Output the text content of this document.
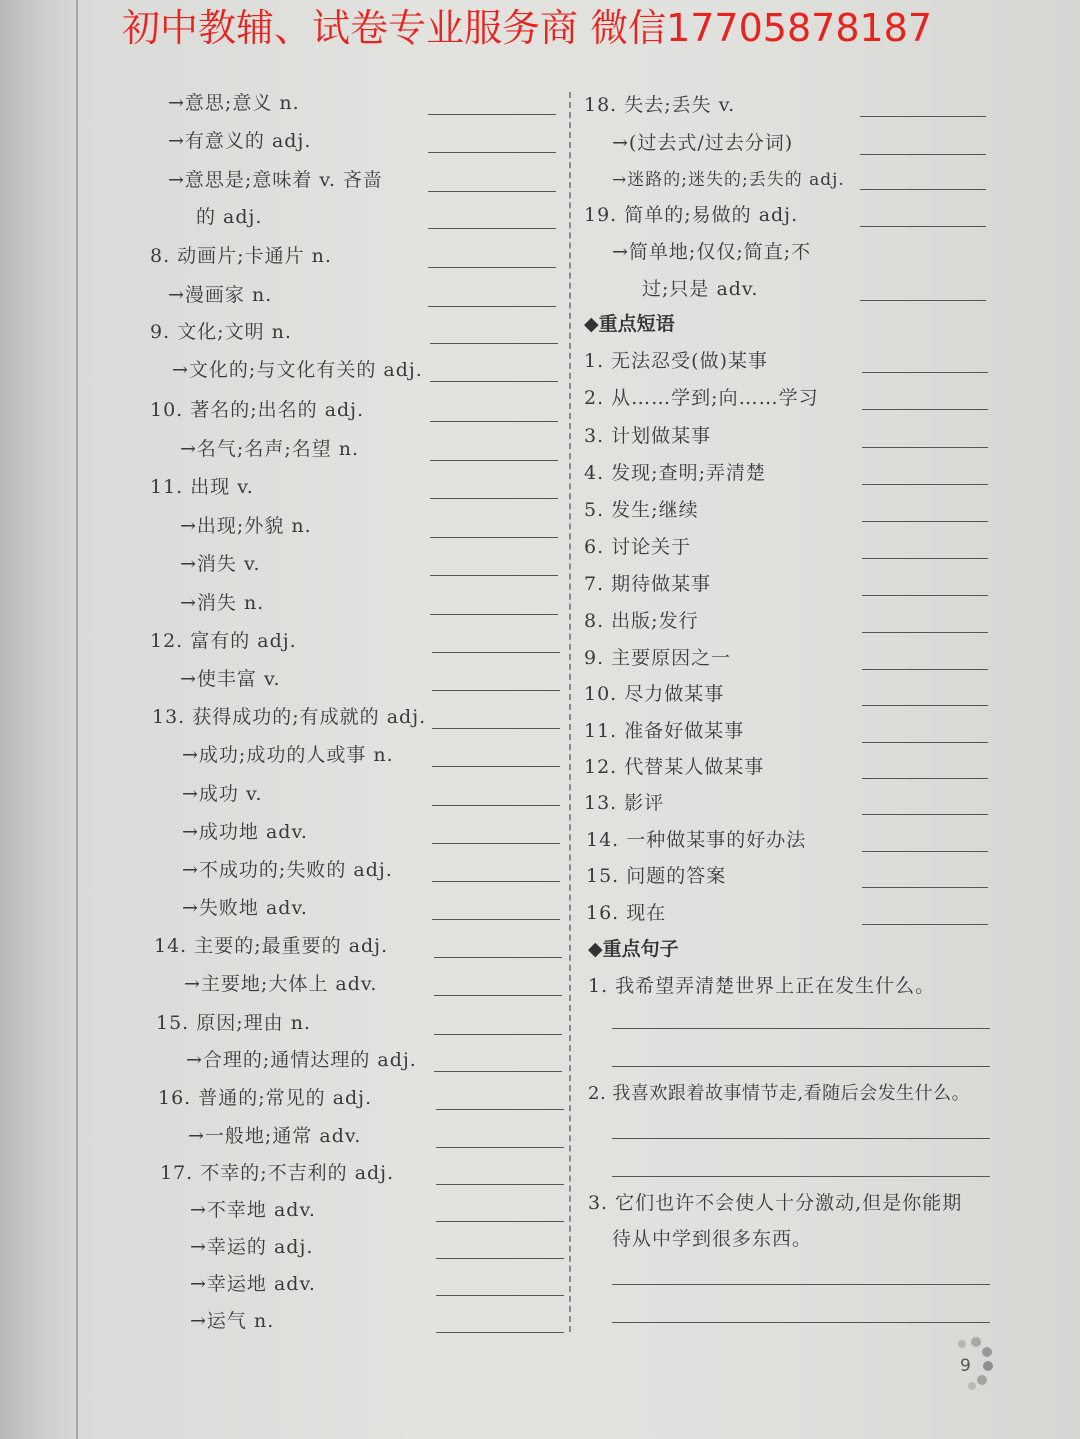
初中教辅、试卷专业服务商 微信17705878187
→意思;意义 n.
→有意义的 adj.
→意思是;意味着 v. 吝啬
的 adj.
8. 动画片;卡通片 n.
→漫画家 n.
9. 文化;文明 n.
→文化的;与文化有关的 adj.
10. 著名的;出名的 adj.
→名气;名声;名望 n.
11. 出现 v.
→出现;外貌 n.
→消失 v.
→消失 n.
12. 富有的 adj.
→使丰富 v.
13. 获得成功的;有成就的 adj.
→成功;成功的人或事 n.
→成功 v.
→成功地 adv.
→不成功的;失败的 adj.
→失败地 adv.
14. 主要的;最重要的 adj.
→主要地;大体上 adv.
15. 原因;理由 n.
→合理的;通情达理的 adj.
16. 普通的;常见的 adj.
→一般地;通常 adv.
17. 不幸的;不吉利的 adj.
→不幸地 adv.
→幸运的 adj.
→幸运地 adv.
→运气 n.
18. 失去;丢失 v.
→(过去式/过去分词)
→迷路的;迷失的;丢失的 adj.
19. 简单的;易做的 adj.
→简单地;仅仅;简直;不
过;只是 adv.
◆重点短语
1. 无法忍受(做)某事
2. 从……学到;向……学习
3. 计划做某事
4. 发现;查明;弄清楚
5. 发生;继续
6. 讨论关于
7. 期待做某事
8. 出版;发行
9. 主要原因之一
10. 尽力做某事
11. 准备好做某事
12. 代替某人做某事
13. 影评
14. 一种做某事的好办法
15. 问题的答案
16. 现在
◆重点句子
1. 我希望弄清楚世界上正在发生什么。
2. 我喜欢跟着故事情节走,看随后会发生什么。
3. 它们也许不会使人十分激动,但是你能期
待从中学到很多东西。
9
